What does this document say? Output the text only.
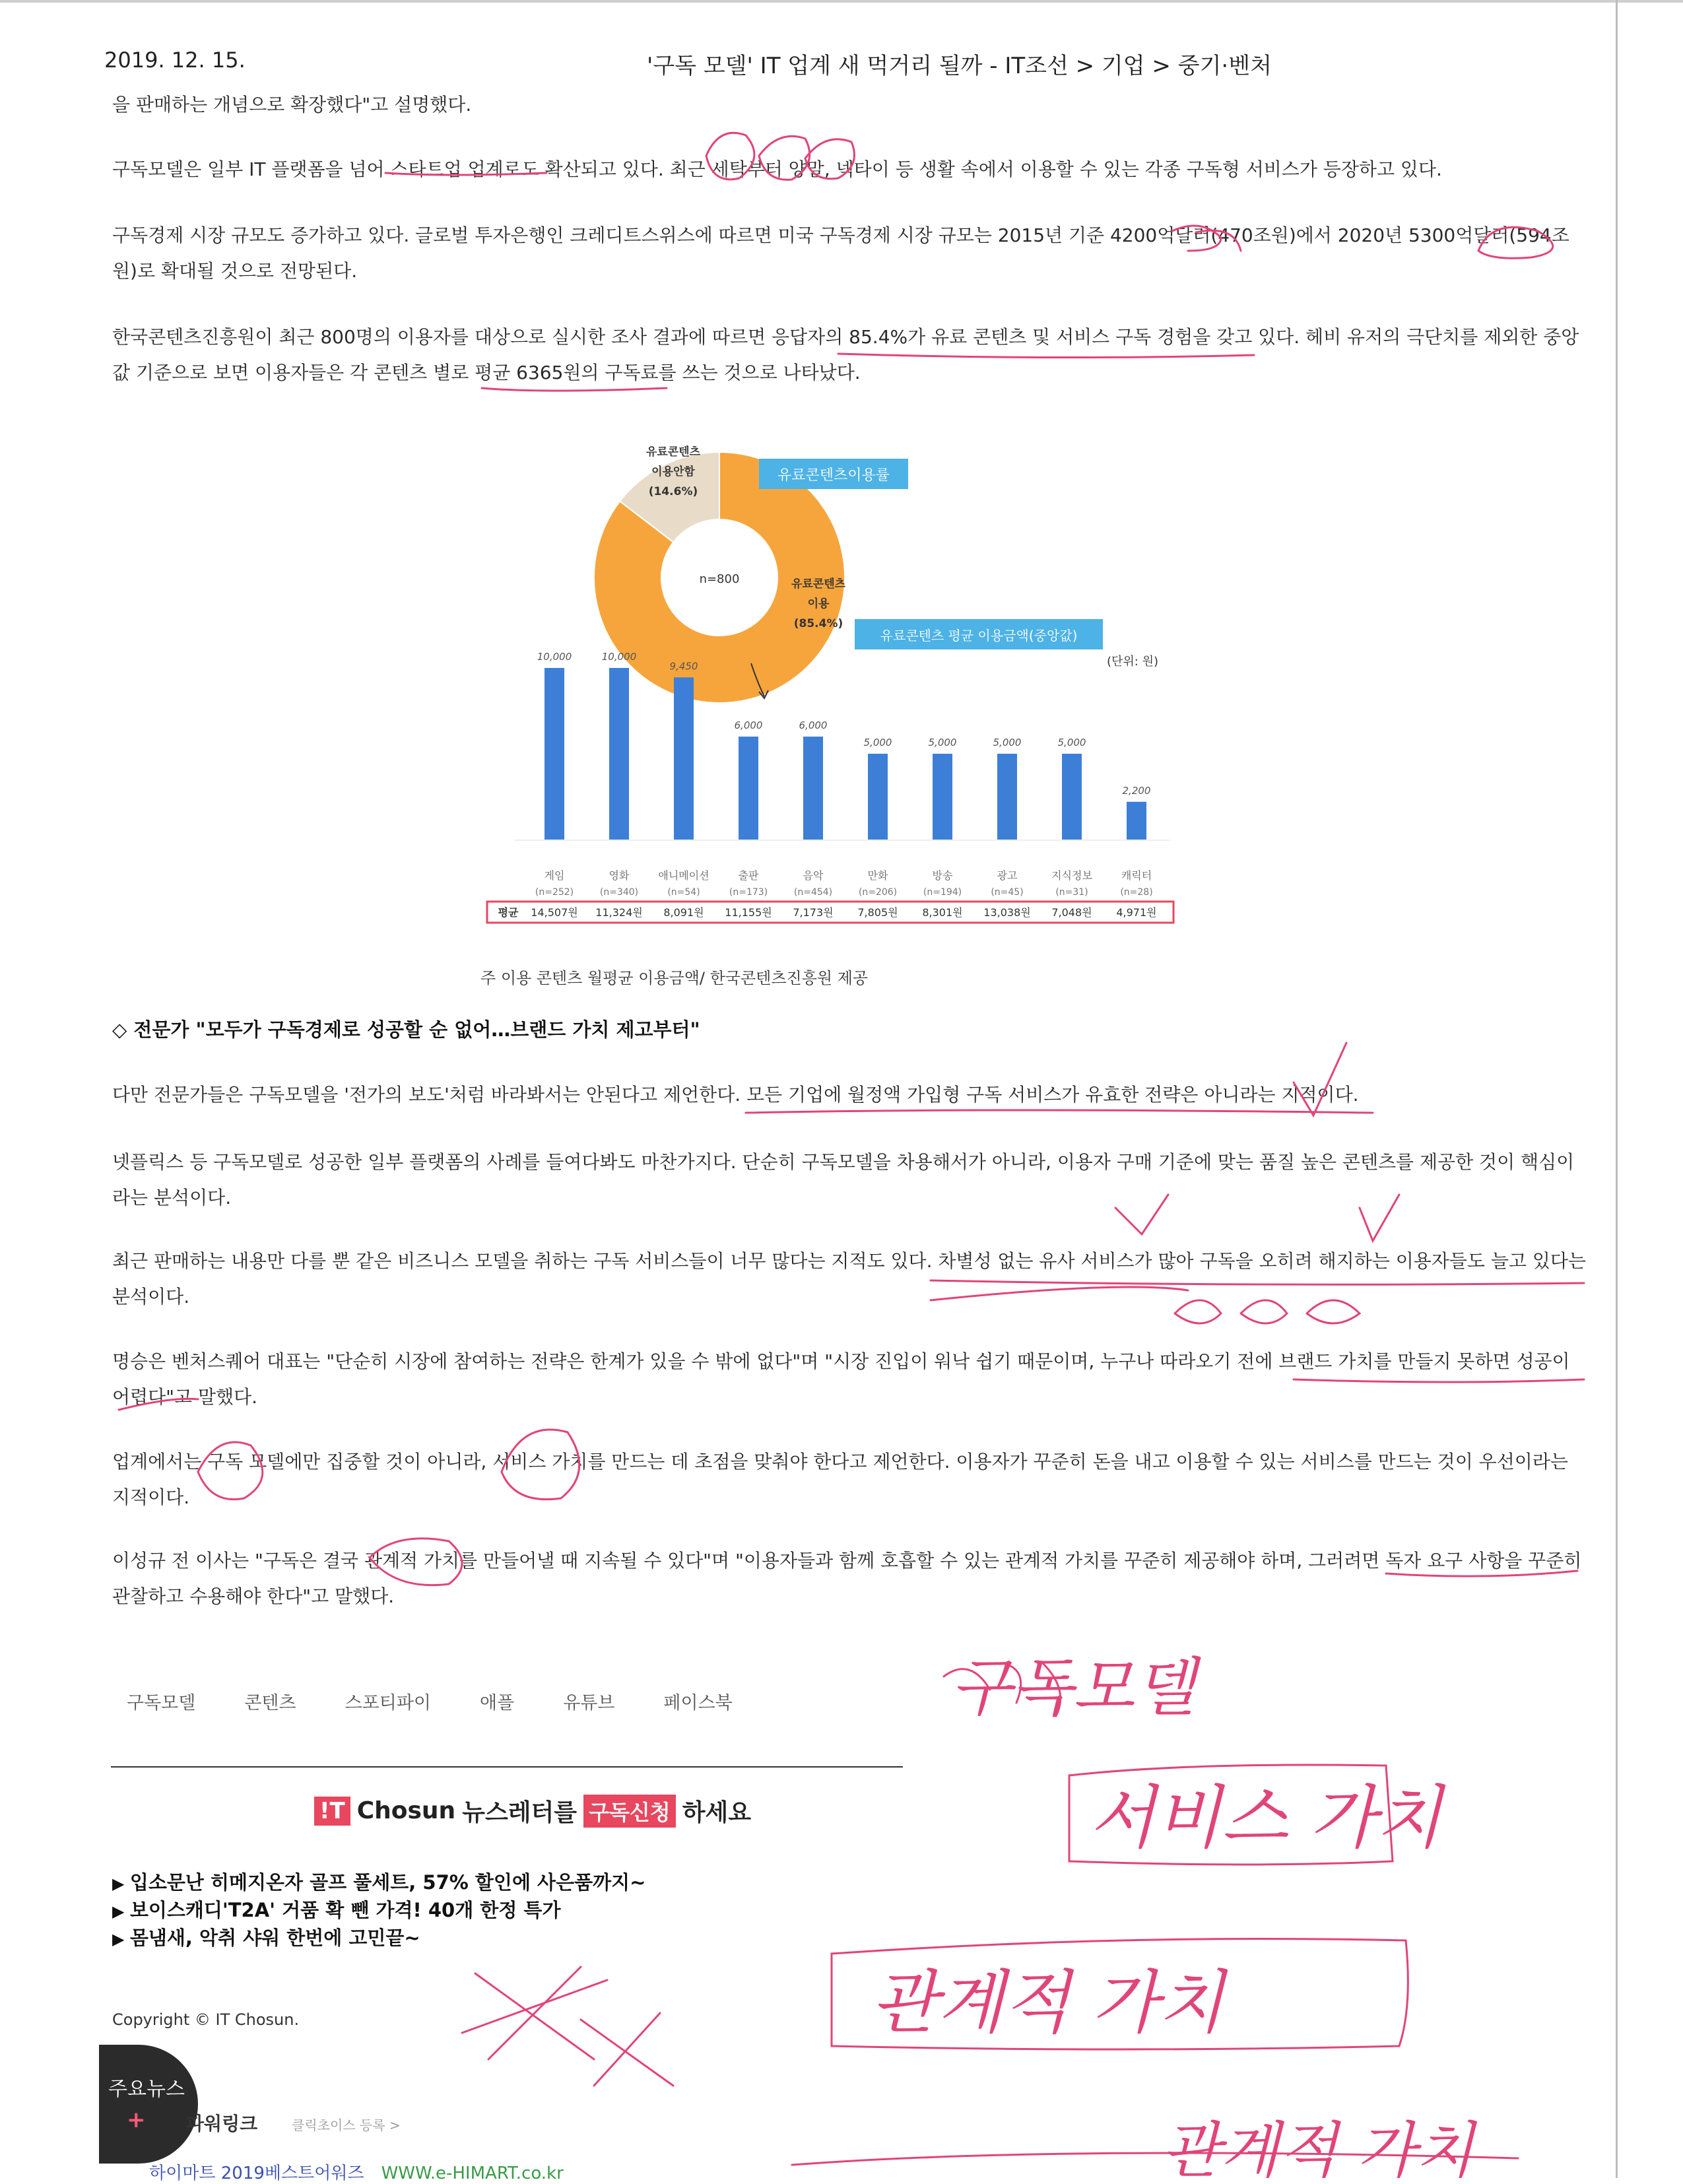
2019. 12. 15.	'구독 모델' IT 업계 새 먹거리 될까 - IT조선 > 기업 > 중기·벤처

을 판매하는 개념으로 확장했다"고 설명했다.

구독모델은 일부 IT 플랫폼을 넘어 스타트업 업계로도 확산되고 있다. 최근 세탁부터 양말, 넥타이 등 생활 속에서 이용할 수 있는 각종 구독형 서비스가 등장하고 있다.

구독경제 시장 규모도 증가하고 있다. 글로벌 투자은행인 크레디트스위스에 따르면 미국 구독경제 시장 규모는 2015년 기준 4200억달러(470조원)에서 2020년 5300억달러(594조원)로 확대될 것으로 전망된다.

한국콘텐츠진흥원이 최근 800명의 이용자를 대상으로 실시한 조사 결과에 따르면 응답자의 85.4%가 유료 콘텐츠 및 서비스 구독 경험을 갖고 있다. 헤비 유저의 극단치를 제외한 중앙값 기준으로 보면 이용자들은 각 콘텐츠 별로 평균 6365원의 구독료를 쓰는 것으로 나타났다.

n=800
유료콘텐츠
이용안함
(14.6%)
유료콘텐츠
이용
(85.4%)
유료콘텐츠이용률
유료콘텐츠 평균 이용금액(중앙값)
(단위: 원)
10,000
게임
(n=252)
14,507원
10,000
영화
(n=340)
11,324원
9,450
애니메이션
(n=54)
8,091원
6,000
출판
(n=173)
11,155원
6,000
음악
(n=454)
7,173원
5,000
만화
(n=206)
7,805원
5,000
방송
(n=194)
8,301원
5,000
광고
(n=45)
13,038원
5,000
지식정보
(n=31)
7,048원
2,200
캐릭터
(n=28)
4,971원
평균
주 이용 콘텐츠 월평균 이용금액/ 한국콘텐츠진흥원 제공
◇ 전문가 "모두가 구독경제로 성공할 순 없어…브랜드 가치 제고부터"

다만 전문가들은 구독모델을 '전가의 보도'처럼 바라봐서는 안된다고 제언한다. 모든 기업에 월정액 가입형 구독 서비스가 유효한 전략은 아니라는 지적이다.

넷플릭스 등 구독모델로 성공한 일부 플랫폼의 사례를 들여다봐도 마찬가지다. 단순히 구독모델을 차용해서가 아니라, 이용자 구매 기준에 맞는 품질 높은 콘텐츠를 제공한 것이 핵심이라는 분석이다.

최근 판매하는 내용만 다를 뿐 같은 비즈니스 모델을 취하는 구독 서비스들이 너무 많다는 지적도 있다. 차별성 없는 유사 서비스가 많아 구독을 오히려 해지하는 이용자들도 늘고 있다는 분석이다.

명승은 벤처스퀘어 대표는 "단순히 시장에 참여하는 전략은 한계가 있을 수 밖에 없다"며 "시장 진입이 워낙 쉽기 때문이며, 누구나 따라오기 전에 브랜드 가치를 만들지 못하면 성공이 어렵다"고 말했다.

업계에서는 구독 모델에만 집중할 것이 아니라, 서비스 가치를 만드는 데 초점을 맞춰야 한다고 제언한다. 이용자가 꾸준히 돈을 내고 이용할 수 있는 서비스를 만드는 것이 우선이라는 지적이다.

이성규 전 이사는 "구독은 결국 관계적 가치를 만들어낼 때 지속될 수 있다"며 "이용자들과 함께 호흡할 수 있는 관계적 가치를 꾸준히 제공해야 하며, 그러려면 독자 요구 사항을 꾸준히 관찰하고 수용해야 한다"고 말했다.

구독모델	콘텐츠	스포티파이	애플	유튜브	페이스북
!T Chosun 뉴스레터를 구독신청 하세요
▶ 입소문난 히메지온자 골프 풀세트, 57% 할인에 사은품까지~
▶ 보이스캐디'T2A' 거품 확 뺀 가격! 40개 한정 특가
▶ 몸냄새, 악취 샤워 한번에 고민끝~
Copyright © IT Chosun.
주요뉴스
+ 파워링크	클릭초이스 등록 >
하이마트 2019베스트어워즈 WWW.e-HIMART.co.kr
구독모델
서비스 가치
관계적 가치
관계적 가치
